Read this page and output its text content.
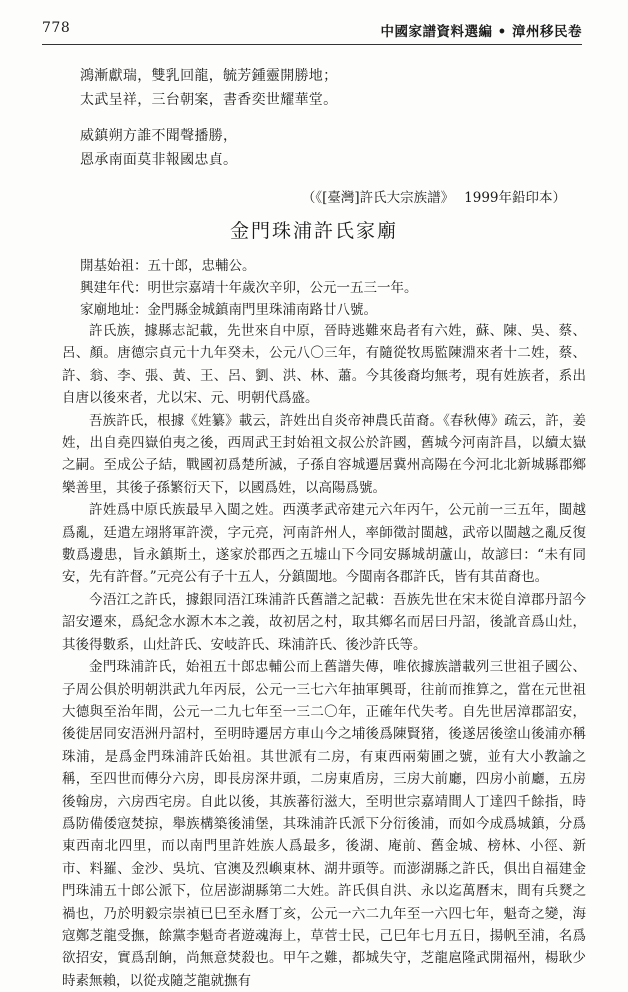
778	中國家譜資料選編 • 漳州移民卷
鴻漸獻瑞，雙乳回龍，毓芳鍾靈開勝地；
太武呈祥，三台朝案，書香奕世耀華堂。
威鎮朔方誰不聞聲播勝，
恩承南面莫非報國忠貞。
（《[臺灣]許氏大宗族譜》 1999年鉛印本）
金門珠浦許氏家廟
開基始祖：五十郎，忠輔公。
興建年代：明世宗嘉靖十年歲次辛卯，公元一五三一年。
家廟地址：金門縣金城鎮南門里珠浦南路廿八號。

許氏族，據縣志記載，先世來自中原，晉時逃難來島者有六姓，蘇、陳、吳、蔡、呂、顏。唐德宗貞元十九年癸未，公元八〇三年，有隨從牧馬監陳淵來者十二姓，蔡、許、翁、李、張、黃、王、呂、劉、洪、林、蕭。今其後裔均無考，現有姓族者，系出自唐以後來者，尤以宋、元、明朝代爲盛。

吾族許氏，根據《姓纂》載云，許姓出自炎帝神農氏苗裔。《春秋傳》疏云，許，姜姓，出自堯四嶽伯夷之後，西周武王封始祖文叔公於許國，舊城今河南許昌，以續太嶽之嗣。至成公子結，戰國初爲楚所滅，子孫自容城遷居冀州高陽在今河北北新城縣郡鄉樂善里，其後子孫繁衍天下，以國爲姓，以高陽爲號。

許姓爲中原氏族最早入閩之姓。西漢孝武帝建元六年丙午，公元前一三五年，閩越爲亂，廷遣左翊將軍許濙，字元亮，河南許州人，率師徵討閩越，武帝以閩越之亂反復數爲邊患，旨永鎮斯土，遂家於郡西之五墟山下今同安縣城胡蘆山，故諺曰：“未有同安，先有許督。”元亮公有子十五人，分鎮閩地。今閩南各郡許氏，皆有其苗裔也。

今浯江之許氏，據銀同浯江珠浦許氏舊譜之記載：吾族先世在宋末從自漳郡丹詔今詔安遷來，爲紀念水源木本之義，故初居之村，取其鄉名而居曰丹詔，後訛音爲山灶，其後得數系，山灶許氏、安岐許氏、珠浦許氏、後沙許氏等。

金門珠浦許氏，始祖五十郎忠輔公而上舊譜失傳，唯依據族譜載列三世祖子國公、子周公俱於明朝洪武九年丙辰，公元一三七六年抽軍興哥，往前而推算之，當在元世祖大德與至治年間，公元一二九七年至一三二〇年，正確年代失考。自先世居漳郡詔安，後徙居同安浯洲丹詔村，至明時遷居方車山今之埔後爲陳賢猪，後遂居後塗山後浦亦稱珠浦，是爲金門珠浦許氏始祖。其世派有二房，有東西兩菊圃之號，並有大小教諭之稱，至四世而傳分六房，即長房深井頭，二房東盾房，三房大前廳，四房小前廳，五房後翰房，六房西宅房。自此以後，其族蕃衍滋大，至明世宗嘉靖間人丁達四千餘指，時爲防備倭寇焚掠，舉族構築後浦堡，其珠浦許氏派下分衍後浦，而如今成爲城鎮，分爲東西南北四里，而以南門里許姓族人爲最多，後湖、庵前、舊金城、榜林、小徑、新市、料羅、金沙、吳坑、官澳及烈嶼東林、湖井頭等。而澎湖縣之許氏，俱出自福建金門珠浦五十郎公派下，位居澎湖縣第二大姓。許氏俱自洪、永以迄萬曆末，間有兵燹之禍也，乃於明毅宗崇禎已巳至永曆丁亥，公元一六二九年至一六四七年，魁奇之變，海寇鄭芝龍受撫，餘黨李魁奇者遊魂海上，草菅士民，己巳年七月五日，揚帆至浦，名爲欲招安，實爲刮餉，尚無意焚殺也。甲午之難，都城失守，芝龍扈隆武開福州，楊耿少時素無賴，以從戎隨芝龍就撫有
